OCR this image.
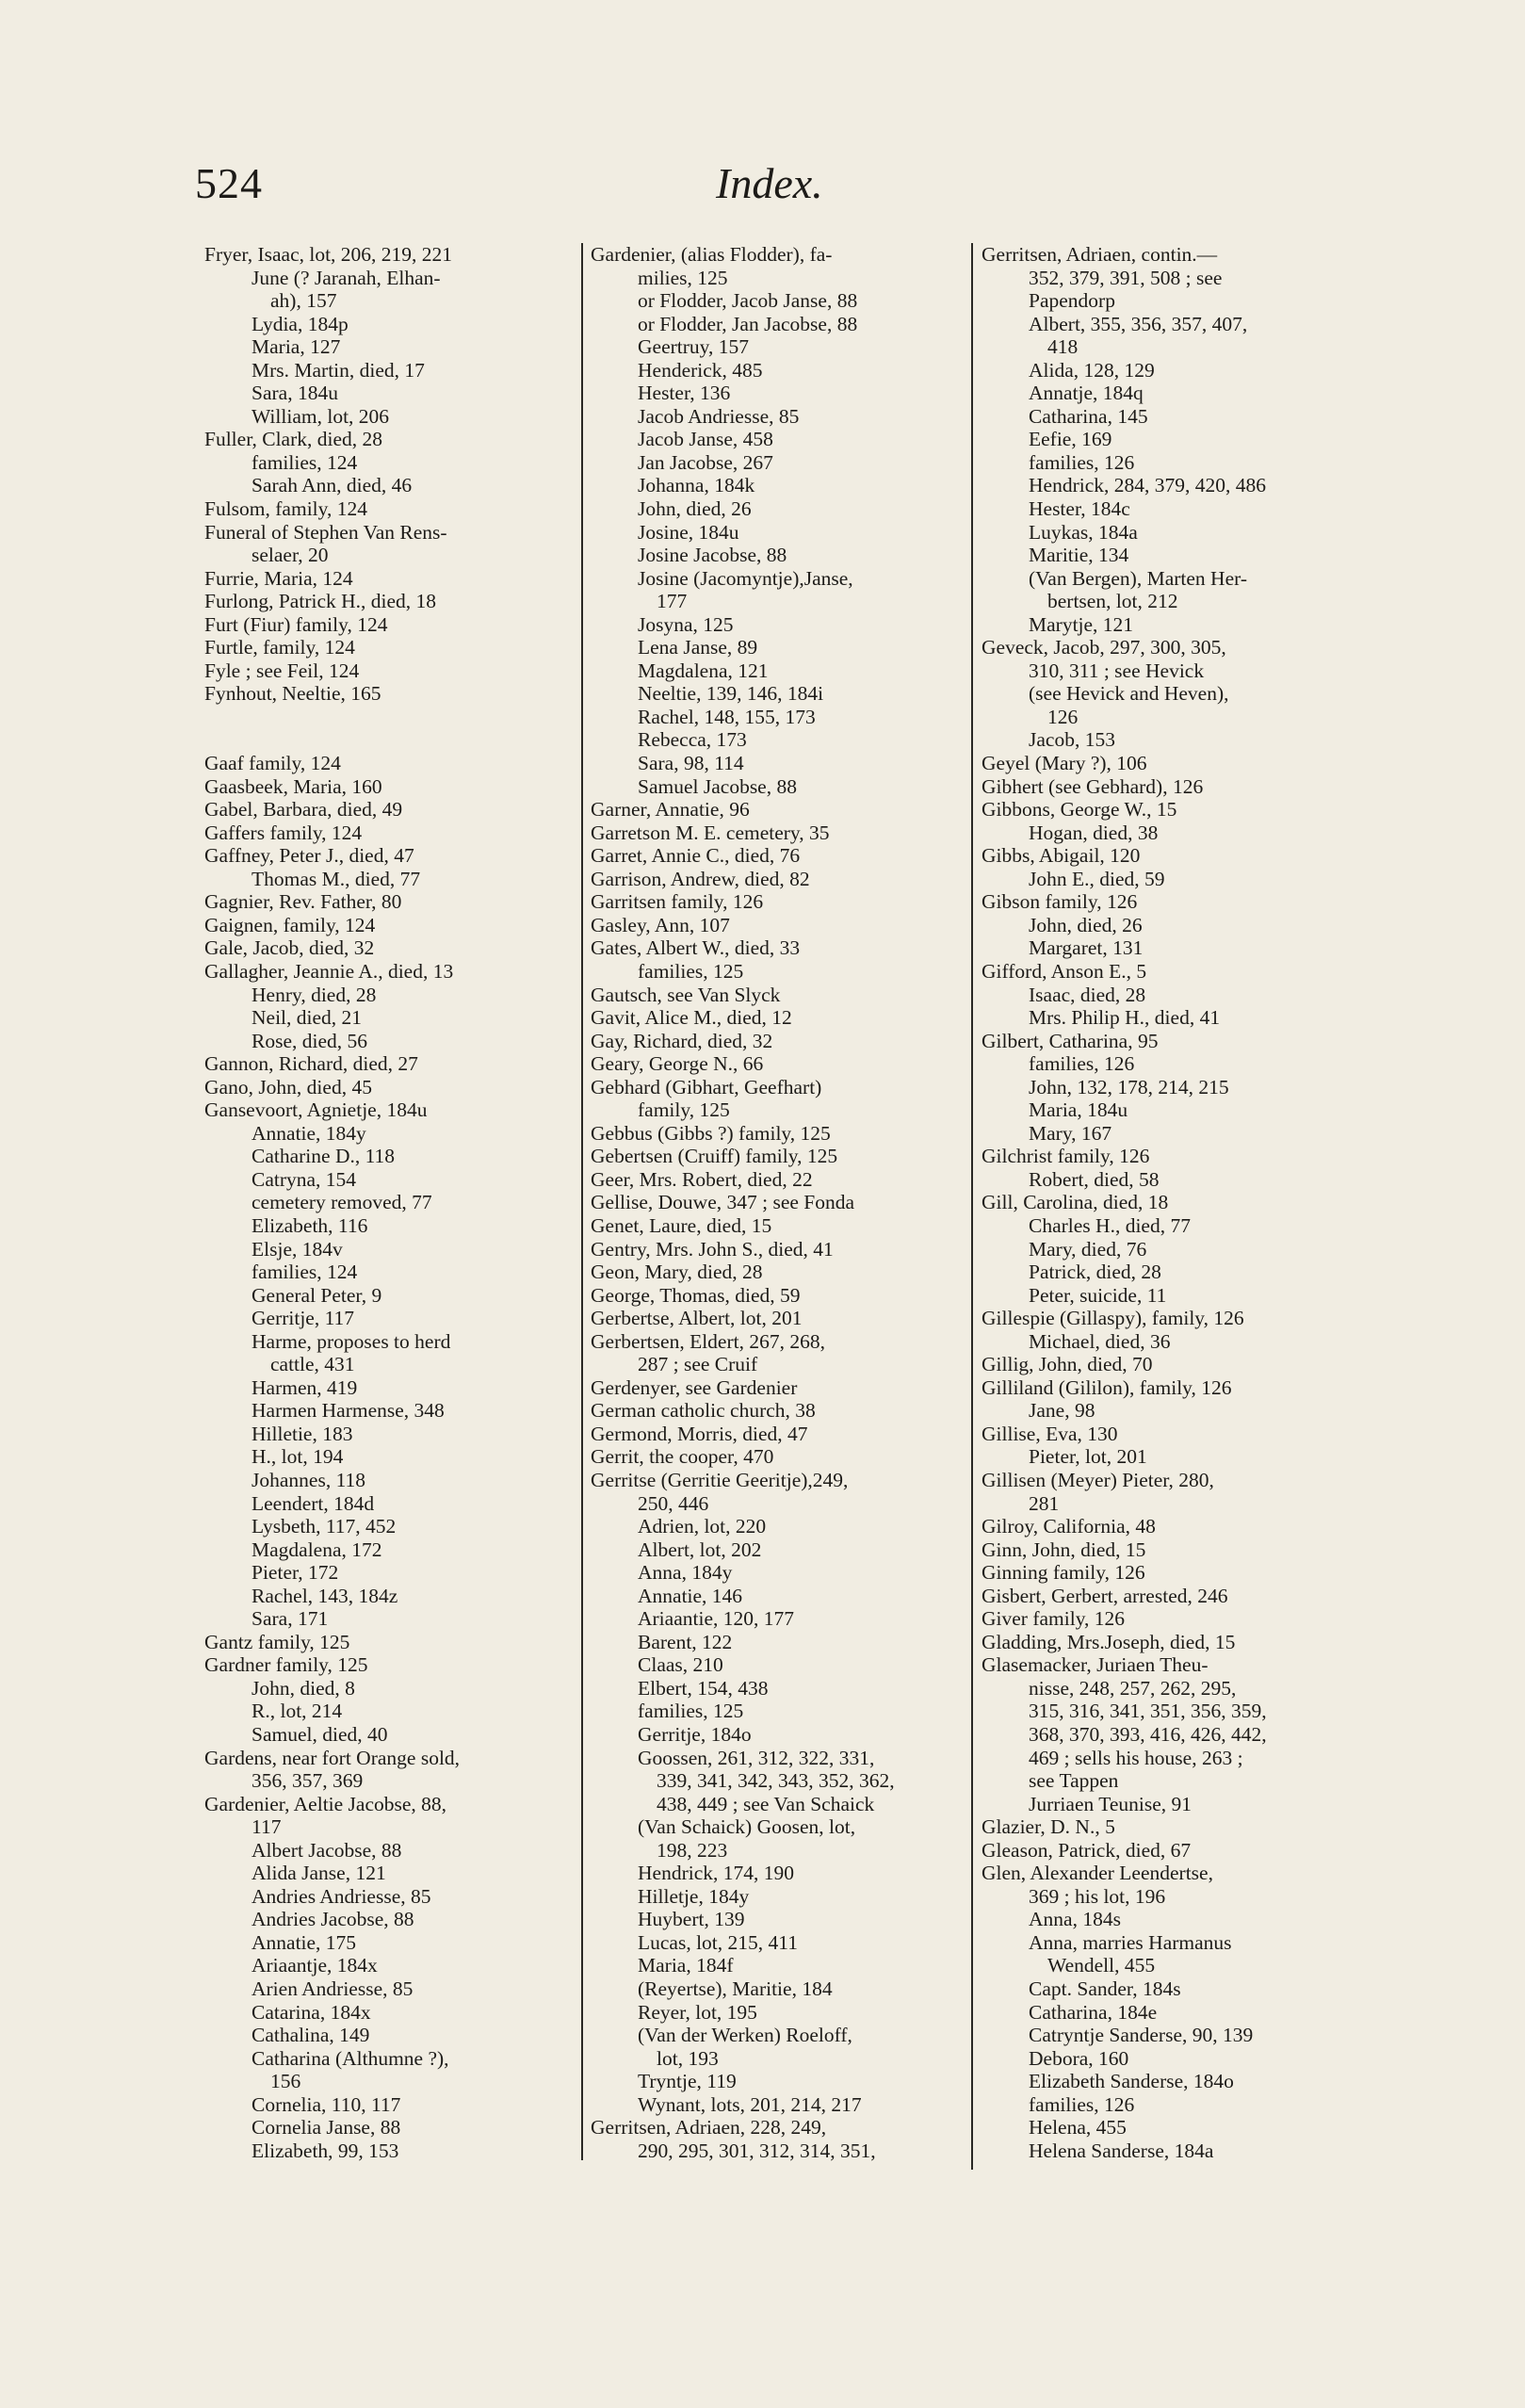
524	Index.
Fryer, Isaac, lot, 206, 219, 221
June (? Jaranah, Elhan-
ah), 157
Lydia, 184p
Maria, 127
Mrs. Martin, died, 17
Sara, 184u
William, lot, 206
Fuller, Clark, died, 28
families, 124
Sarah Ann, died, 46
Fulsom, family, 124
Funeral of Stephen Van Rens-
selaer, 20
Furrie, Maria, 124
Furlong, Patrick H., died, 18
Furt (Fiur) family, 124
Furtle, family, 124
Fyle ; see Feil, 124
Fynhout, Neeltie, 165
Gaaf family, 124
Gaasbeek, Maria, 160
Gabel, Barbara, died, 49
Gaffers family, 124
Gaffney, Peter J., died, 47
Thomas M., died, 77
Gagnier, Rev. Father, 80
Gaignen, family, 124
Gale, Jacob, died, 32
Gallagher, Jeannie A., died, 13
Henry, died, 28
Neil, died, 21
Rose, died, 56
Gannon, Richard, died, 27
Gano, John, died, 45
Gansevoort, Agnietje, 184u
Annatie, 184y
Catharine D., 118
Catryna, 154
cemetery removed, 77
Elizabeth, 116
Elsje, 184v
families, 124
General Peter, 9
Gerritje, 117
Harme, proposes to herd
cattle, 431
Harmen, 419
Harmen Harmense, 348
Hilletie, 183
H., lot, 194
Johannes, 118
Leendert, 184d
Lysbeth, 117, 452
Magdalena, 172
Pieter, 172
Rachel, 143, 184z
Sara, 171
Gantz family, 125
Gardner family, 125
John, died, 8
R., lot, 214
Samuel, died, 40
Gardens, near fort Orange sold,
356, 357, 369
Gardenier, Aeltie Jacobse, 88,
117
Albert Jacobse, 88
Alida Janse, 121
Andries Andriesse, 85
Andries Jacobse, 88
Annatie, 175
Ariaantje, 184x
Arien Andriesse, 85
Catarina, 184x
Cathalina, 149
Catharina (Althumne ?),
156
Cornelia, 110, 117
Cornelia Janse, 88
Elizabeth, 99, 153
Gardenier, (alias Flodder), fa-
milies, 125
or Flodder, Jacob Janse, 88
or Flodder, Jan Jacobse, 88
Geertruy, 157
Henderick, 485
Hester, 136
Jacob Andriesse, 85
Jacob Janse, 458
Jan Jacobse, 267
Johanna, 184k
John, died, 26
Josine, 184u
Josine Jacobse, 88
Josine (Jacomyntje),Janse,
177
Josyna, 125
Lena Janse, 89
Magdalena, 121
Neeltie, 139, 146, 184i
Rachel, 148, 155, 173
Rebecca, 173
Sara, 98, 114
Samuel Jacobse, 88
Garner, Annatie, 96
Garretson M. E. cemetery, 35
Garret, Annie C., died, 76
Garrison, Andrew, died, 82
Garritsen family, 126
Gasley, Ann, 107
Gates, Albert W., died, 33
families, 125
Gautsch, see Van Slyck
Gavit, Alice M., died, 12
Gay, Richard, died, 32
Geary, George N., 66
Gebhard (Gibhart, Geefhart)
family, 125
Gebbus (Gibbs ?) family, 125
Gebertsen (Cruiff) family, 125
Geer, Mrs. Robert, died, 22
Gellise, Douwe, 347 ; see Fonda
Genet, Laure, died, 15
Gentry, Mrs. John S., died, 41
Geon, Mary, died, 28
George, Thomas, died, 59
Gerbertse, Albert, lot, 201
Gerbertsen, Eldert, 267, 268,
287 ; see Cruif
Gerdenyer, see Gardenier
German catholic church, 38
Germond, Morris, died, 47
Gerrit, the cooper, 470
Gerritse (Gerritie Geeritje),249,
250, 446
Adrien, lot, 220
Albert, lot, 202
Anna, 184y
Annatie, 146
Ariaantie, 120, 177
Barent, 122
Claas, 210
Elbert, 154, 438
families, 125
Gerritje, 184o
Goossen, 261, 312, 322, 331,
339, 341, 342, 343, 352, 362,
438, 449 ; see Van Schaick
(Van Schaick) Goosen, lot,
198, 223
Hendrick, 174, 190
Hilletje, 184y
Huybert, 139
Lucas, lot, 215, 411
Maria, 184f
(Reyertse), Maritie, 184
Reyer, lot, 195
(Van der Werken) Roeloff,
lot, 193
Tryntje, 119
Wynant, lots, 201, 214, 217
Gerritsen, Adriaen, 228, 249,
290, 295, 301, 312, 314, 351,
Gerritsen, Adriaen, contin.—
352, 379, 391, 508 ; see
Papendorp
Albert, 355, 356, 357, 407,
418
Alida, 128, 129
Annatje, 184q
Catharina, 145
Eefie, 169
families, 126
Hendrick, 284, 379, 420, 486
Hester, 184c
Luykas, 184a
Maritie, 134
(Van Bergen), Marten Her-
bertsen, lot, 212
Marytje, 121
Geveck, Jacob, 297, 300, 305,
310, 311 ; see Hevick
(see Hevick and Heven),
126
Jacob, 153
Geyel (Mary ?), 106
Gibhert (see Gebhard), 126
Gibbons, George W., 15
Hogan, died, 38
Gibbs, Abigail, 120
John E., died, 59
Gibson family, 126
John, died, 26
Margaret, 131
Gifford, Anson E., 5
Isaac, died, 28
Mrs. Philip H., died, 41
Gilbert, Catharina, 95
families, 126
John, 132, 178, 214, 215
Maria, 184u
Mary, 167
Gilchrist family, 126
Robert, died, 58
Gill, Carolina, died, 18
Charles H., died, 77
Mary, died, 76
Patrick, died, 28
Peter, suicide, 11
Gillespie (Gillaspy), family, 126
Michael, died, 36
Gillig, John, died, 70
Gilliland (Gililon), family, 126
Jane, 98
Gillise, Eva, 130
Pieter, lot, 201
Gillisen (Meyer) Pieter, 280,
281
Gilroy, California, 48
Ginn, John, died, 15
Ginning family, 126
Gisbert, Gerbert, arrested, 246
Giver family, 126
Gladding, Mrs.Joseph, died, 15
Glasemacker, Juriaen Theu-
nisse, 248, 257, 262, 295,
315, 316, 341, 351, 356, 359,
368, 370, 393, 416, 426, 442,
469 ; sells his house, 263 ;
see Tappen
Jurriaen Teunise, 91
Glazier, D. N., 5
Gleason, Patrick, died, 67
Glen, Alexander Leendertse,
369 ; his lot, 196
Anna, 184s
Anna, marries Harmanus
Wendell, 455
Capt. Sander, 184s
Catharina, 184e
Catryntje Sanderse, 90, 139
Debora, 160
Elizabeth Sanderse, 184o
families, 126
Helena, 455
Helena Sanderse, 184a
